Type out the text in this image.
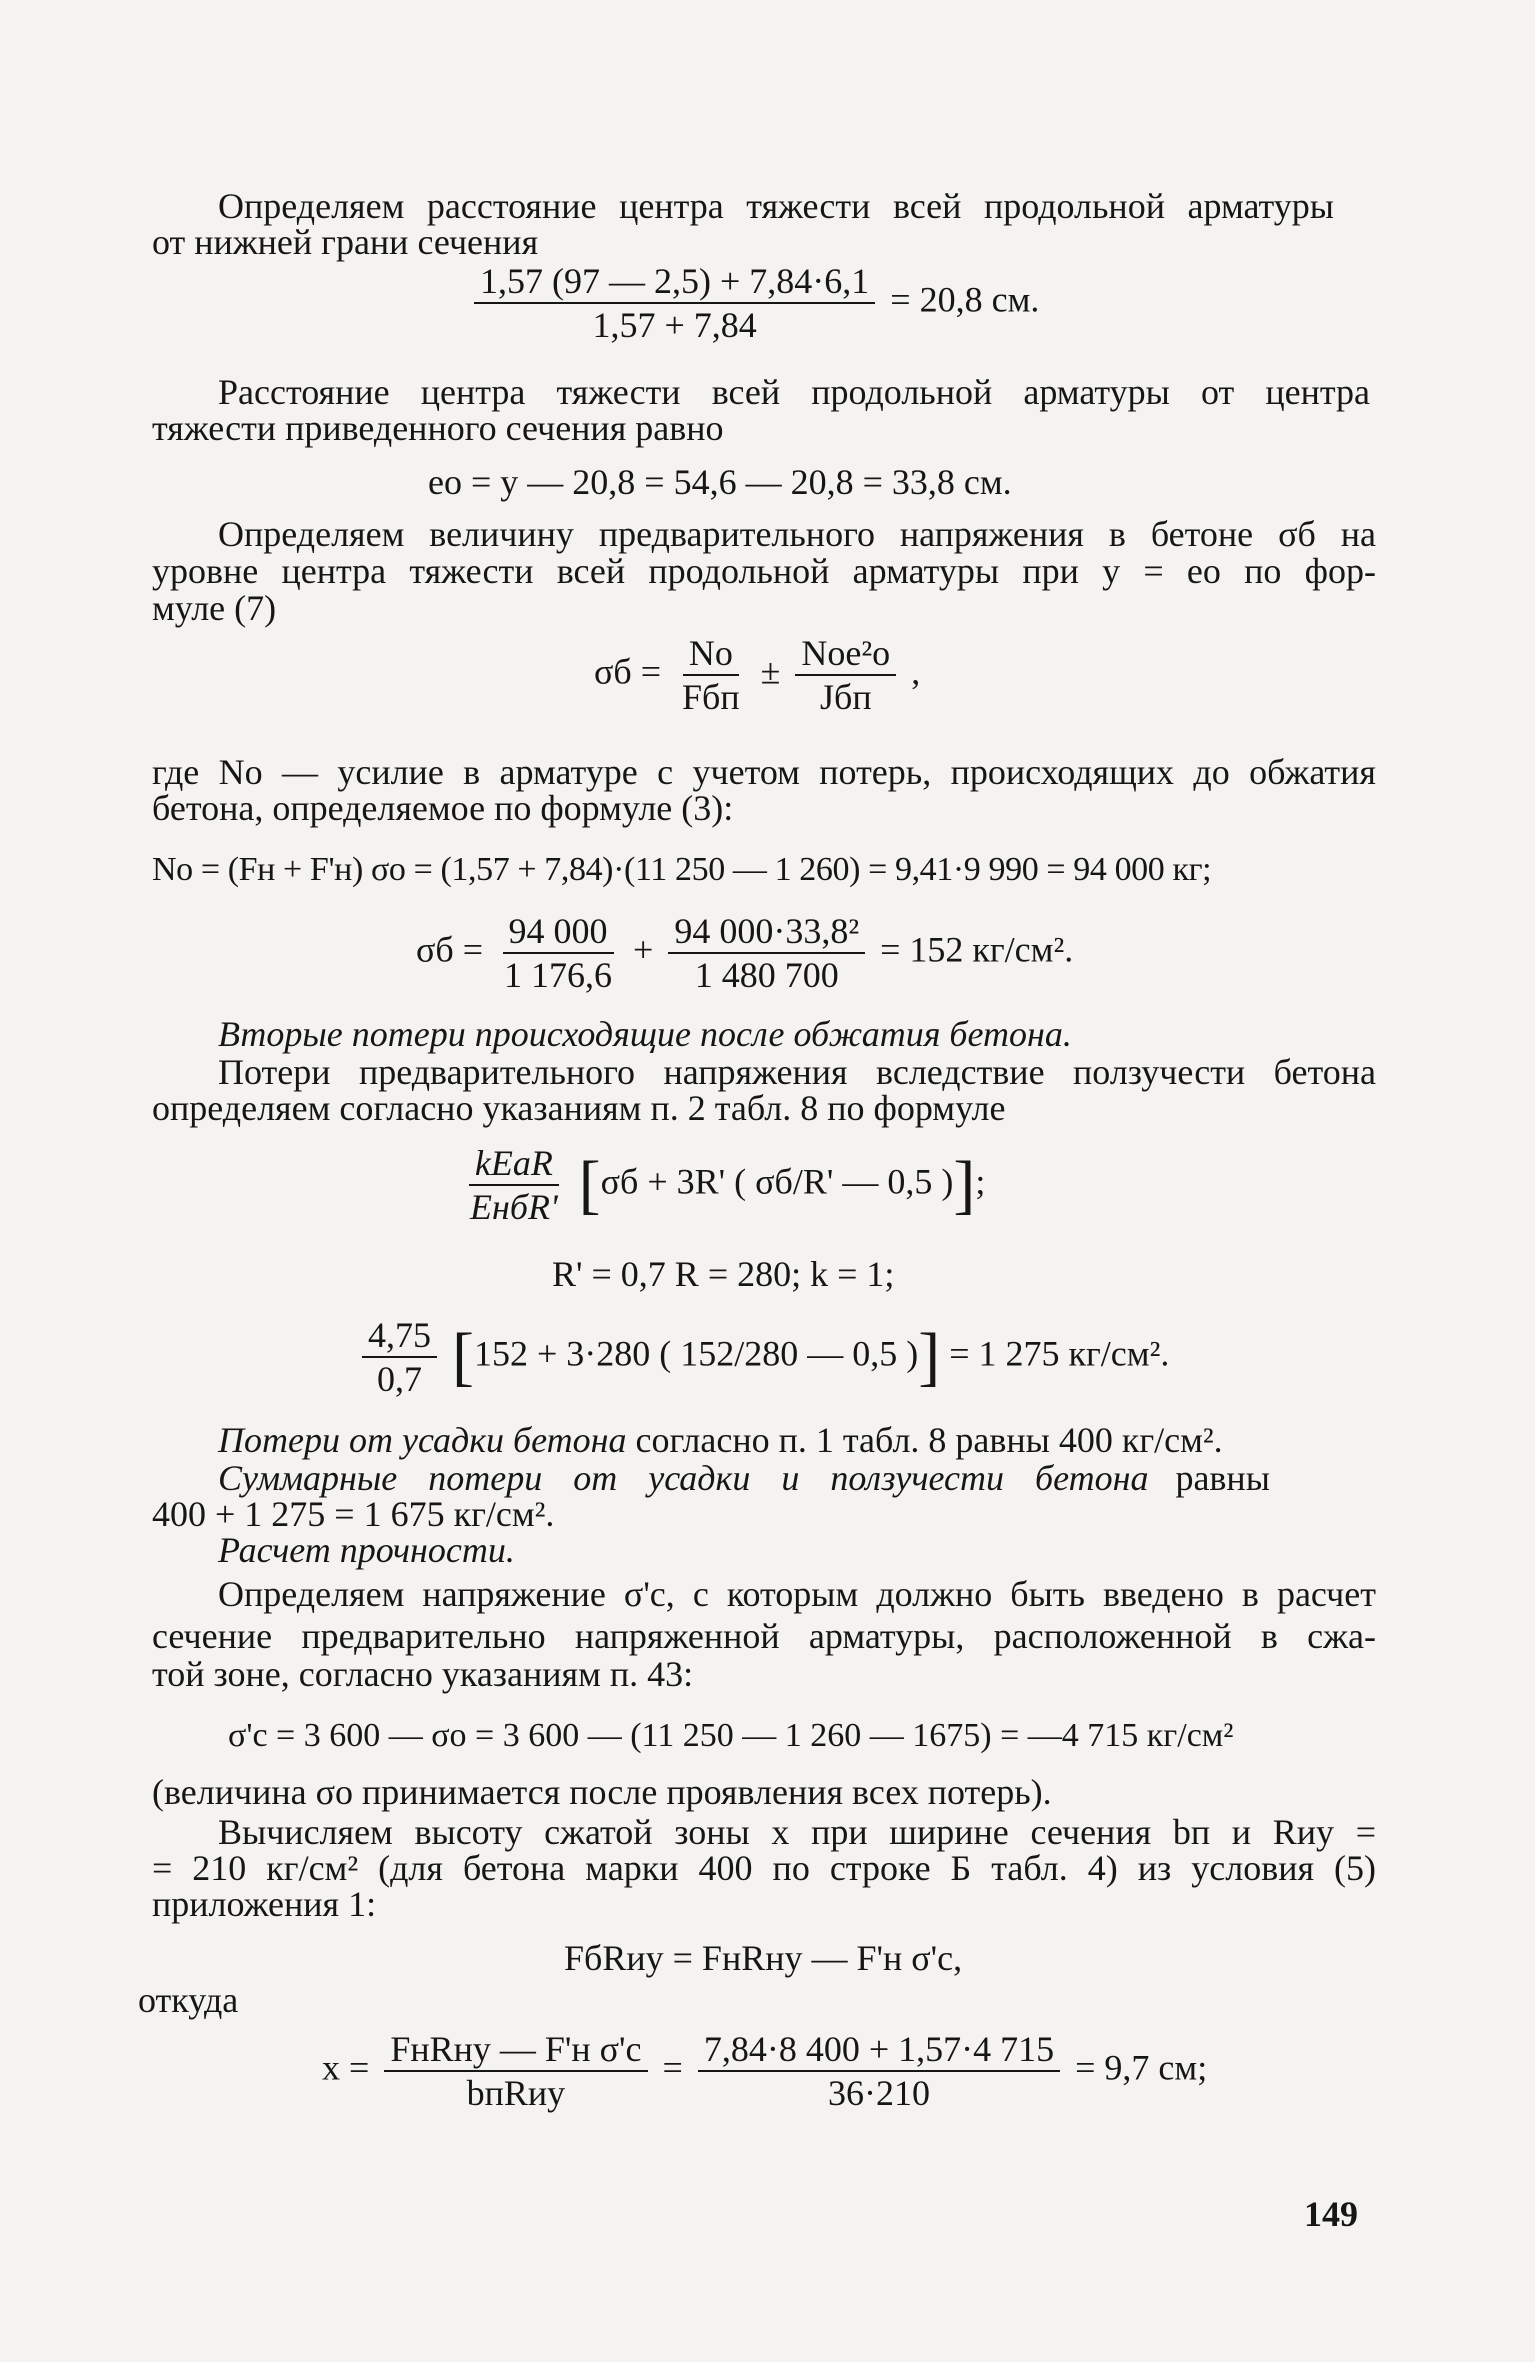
Определяем расстояние центра тяжести всей продольной арматуры

от нижней грани сечения

$\frac{1,57 (97 — 2,5) + 7,84\cdot 6,1}{1,57 + 7,84} = 20,8$ см.

Расстояние центра тяжести всей продольной арматуры от центра

тяжести приведенного сечения равно

eо = y — 20,8 = 54,6 — 20,8 = 33,8 см.

Определяем величину предварительного напряжения в бетоне σб на

уровне центра тяжести всей продольной арматуры при y = eо по фор-

муле (7)

$\sigma б = \frac{Nо}{\text{Fбп}} \pm \frac{\text{Nоe²о}}{\text{Jбп}}$ ,

где Nо — усилие в арматуре с учетом потерь, происходящих до обжатия

бетона, определяемое по формуле (3):

Nо = (Fн + F'н) σо = (1,57 + 7,84)·(11 250 — 1 260) = 9,41·9 990 = 94 000 кг;

$\sigma б = \frac{94 000}{1 176,6} + \frac{\text{94 000·33,8²}}{1 480 700} = 152$ кг/см².

Вторые потери происходящие после обжатия бетона.

Потери предварительного напряжения вследствие ползучести бетона

определяем согласно указаниям п. 2 табл. 8 по формуле

$\frac{\text{kEаR}}{\text{EнбR'}} [\sigma б + 3R'$ ( σб/R' — 0,5 )];

R' = 0,7 R = 280; k = 1;

$\frac{4,75}{0,7} [152 + 3\cdot 280$ ( 152/280 — 0,5 )] = 1 275 кг/см².

Потери от усадки бетона согласно п. 1 табл. 8 равны 400 кг/см².

Суммарные потери от усадки и ползучести бетона равны

400 + 1 275 = 1 675 кг/см².

Расчет прочности.

Определяем напряжение σ'с, с которым должно быть введено в расчет

сечение предварительно напряженной арматуры, расположенной в сжа-

той зоне, согласно указаниям п. 43:

σ'с = 3 600 — σо = 3 600 — (11 250 — 1 260 — 1675) = —4 715 кг/см²

(величина σо принимается после проявления всех потерь).

Вычисляем высоту сжатой зоны x при ширине сечения bп и Rиу =

= 210 кг/см² (для бетона марки 400 по строке Б табл. 4) из условия (5)

приложения 1:

FбRиу = FнRну — F'н σ'с,

откуда

$x = \frac{\text{FнRну — F'н σ'с}}{\text{bпRиу}} = \frac{7,84\cdot 8 400 + 1,57\cdot 4 715}{36\cdot 210} = 9,7$ см;

149
